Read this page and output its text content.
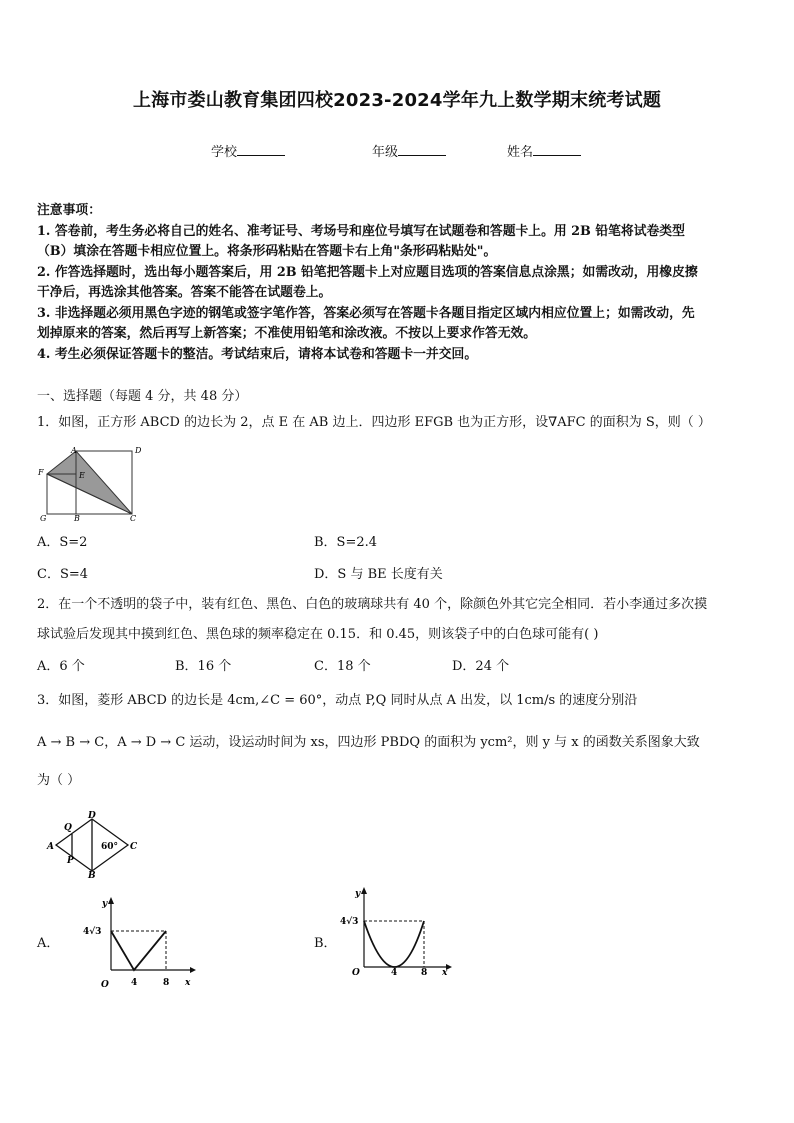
上海市娄山教育集团四校2023-2024学年九上数学期末统考试题
学校	年级	姓名
注意事项：
1. 答卷前，考生务必将自己的姓名、准考证号、考场号和座位号填写在试题卷和答题卡上。用 2B 铅笔将试卷类型
（B）填涂在答题卡相应位置上。将条形码粘贴在答题卡右上角"条形码粘贴处"。
2. 作答选择题时，选出每小题答案后，用 2B 铅笔把答题卡上对应题目选项的答案信息点涂黑；如需改动，用橡皮擦
干净后，再选涂其他答案。答案不能答在试题卷上。
3. 非选择题必须用黑色字迹的钢笔或签字笔作答，答案必须写在答题卡各题目指定区域内相应位置上；如需改动，先
划掉原来的答案，然后再写上新答案；不准使用铅笔和涂改液。不按以上要求作答无效。
4. 考生必须保证答题卡的整洁。考试结束后，请将本试卷和答题卡一并交回。
一、选择题（每题 4 分，共 48 分）
1．如图，正方形 ABCD 的边长为 2，点 E 在 AB 边上．四边形 EFGB 也为正方形，设∇AFC 的面积为 S，则（ ）
A	D
F	E
G	B	C
A．S=2	B．S=2.4
C．S=4	D．S 与 BE 长度有关
2．在一个不透明的袋子中，装有红色、黑色、白色的玻璃球共有 40 个，除颜色外其它完全相同．若小李通过多次摸
球试验后发现其中摸到红色、黑色球的频率稳定在 0.15．和 0.45，则该袋子中的白色球可能有( )
A．6 个	B．16 个	C．18 个	D．24 个
3．如图，菱形 ABCD 的边长是 4cm,∠C = 60°，动点 P,Q 同时从点 A 出发，以 1cm/s 的速度分别沿
A → B → C，A → D → C 运动，设运动时间为 xs，四边形 PBDQ 的面积为 ycm²，则 y 与 x 的函数关系图象大致
为（ ）
Q
D
A
P
B
C
60°
A．
4√3
O 4	8 x
y
B．
4√3
O	4	8 x
y
